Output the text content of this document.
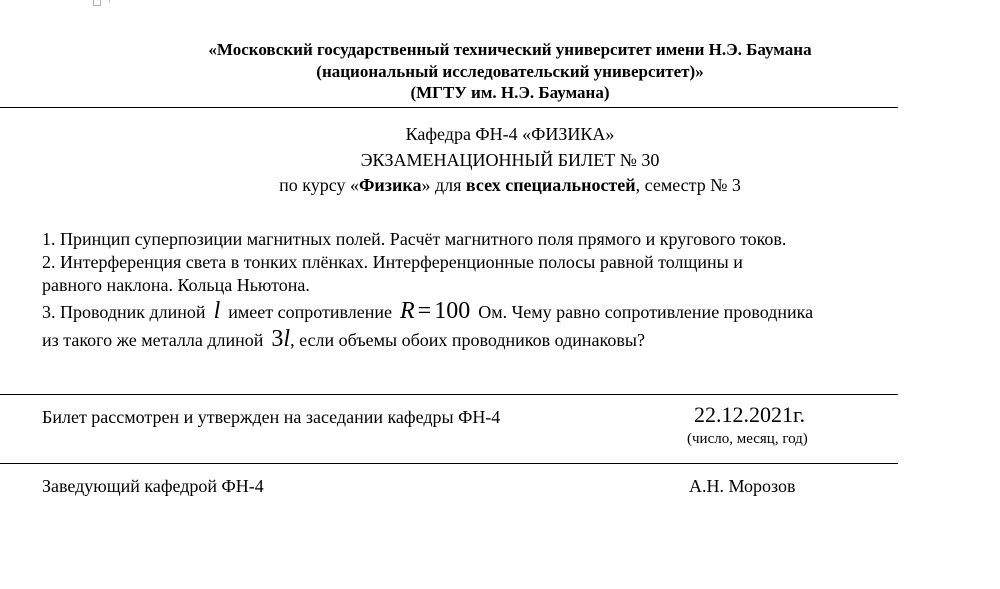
«Московский государственный технический университет имени Н.Э. Баумана
(национальный исследовательский университет)»
(МГТУ им. Н.Э. Баумана)
Кафедра ФН-4 «ФИЗИКА»
ЭКЗАМЕНАЦИОННЫЙ БИЛЕТ № 30
по курсу «Физика» для всех специальностей, семестр № 3
1. Принцип суперпозиции магнитных полей. Расчёт магнитного поля прямого и кругового токов.
2. Интерференция света в тонких плёнках. Интерференционные полосы равной толщины и
равного наклона. Кольца Ньютона.
3. Проводник длиной l имеет сопротивление R = 100 Ом. Чему равно сопротивление проводника
из такого же металла длиной 3l, если объемы обоих проводников одинаковы?
Билет рассмотрен и утвержден на заседании кафедры ФН-4	22.12.2021г.
(число, месяц, год)
Заведующий кафедрой ФН-4	А.Н. Морозов
